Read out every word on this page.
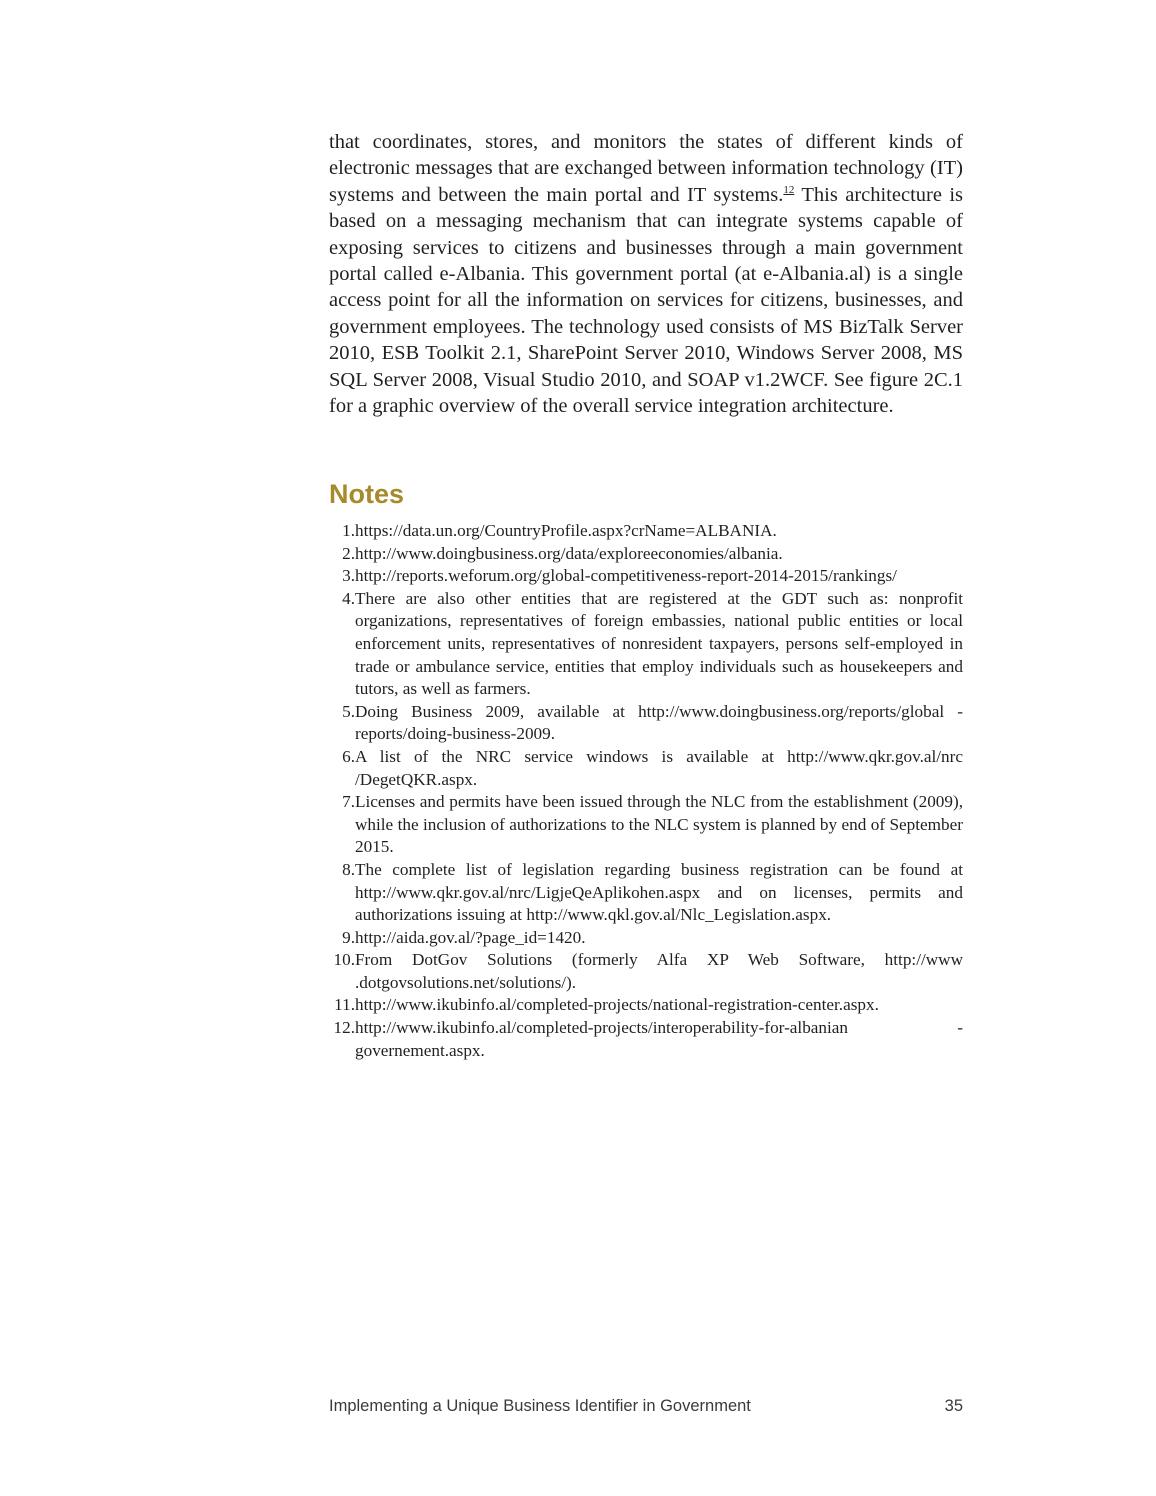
that coordinates, stores, and monitors the states of different kinds of electronic messages that are exchanged between information technology (IT) systems and between the main portal and IT systems.$^{12}$ This architecture is based on a messaging mechanism that can integrate systems capable of exposing services to citizens and businesses through a main government portal called e-Albania. This government portal (at e-Albania.al) is a single access point for all the information on services for citizens, businesses, and government employees. The technology used consists of MS BizTalk Server 2010, ESB Toolkit 2.1, SharePoint Server 2010, Windows Server 2008, MS SQL Server 2008, Visual Studio 2010, and SOAP v1.2WCF. See figure 2C.1 for a graphic overview of the overall service integration architecture.

Notes
1. https://data.un.org/CountryProfile.aspx?crName=ALBANIA.
2. http://www.doingbusiness.org/data/exploreeconomies/albania.
3. http://reports.weforum.org/global-competitiveness-report-2014-2015/rankings/
4. There are also other entities that are registered at the GDT such as: nonprofit organizations, representatives of foreign embassies, national public entities or local enforcement units, representatives of nonresident taxpayers, persons self-employed in trade or ambulance service, entities that employ individuals such as housekeepers and tutors, as well as farmers.
5. Doing Business 2009, available at http://www.doingbusiness.org/reports/global -reports/doing-business-2009.
6. A list of the NRC service windows is available at http://www.qkr.gov.al/nrc /DegetQKR.aspx.
7. Licenses and permits have been issued through the NLC from the establishment (2009), while the inclusion of authorizations to the NLC system is planned by end of September 2015.
8. The complete list of legislation regarding business registration can be found at http://www.qkr.gov.al/nrc/LigjeQeAplikohen.aspx and on licenses, permits and authorizations issuing at http://www.qkl.gov.al/Nlc_Legislation.aspx.
9. http://aida.gov.al/?page_id=1420.
10. From DotGov Solutions (formerly Alfa XP Web Software, http://www .dotgovsolutions.net/solutions/).
11. http://www.ikubinfo.al/completed-projects/national-registration-center.aspx.
12. http://www.ikubinfo.al/completed-projects/interoperability-for-albanian -governement.aspx.
Implementing a Unique Business Identifier in Government	35
